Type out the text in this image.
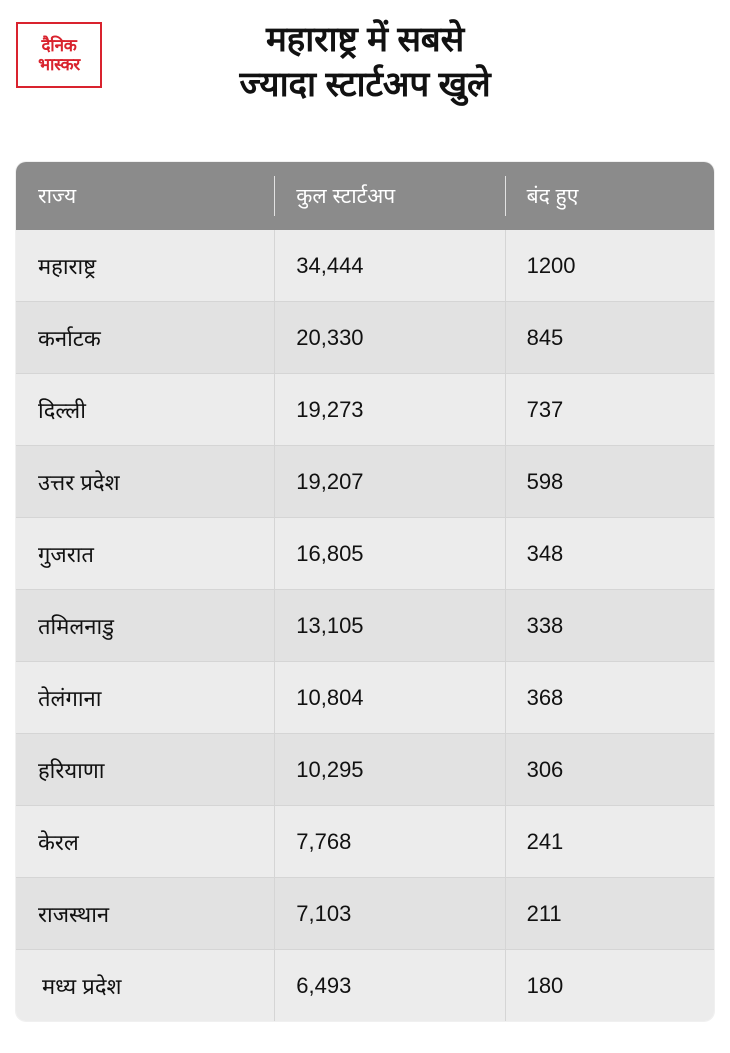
दैनिक
भास्कर
महाराष्ट्र में सबसे
ज्यादा स्टार्टअप खुले
राज्य	कुल स्टार्टअप	बंद हुए
महाराष्ट्र	34,444	1200
कर्नाटक	20,330	845
दिल्ली	19,273	737
उत्तर प्रदेश	19,207	598
गुजरात	16,805	348
तमिलनाडु	13,105	338
तेलंगाना	10,804	368
हरियाणा	10,295	306
केरल	7,768	241
राजस्थान	7,103	211
मध्य प्रदेश	6,493	180
